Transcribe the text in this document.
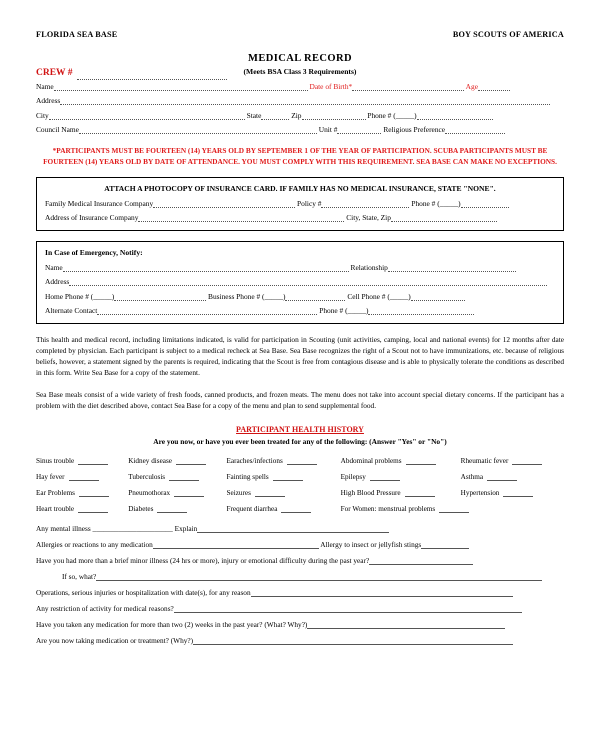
FLORIDA SEA BASE	BOY SCOUTS OF AMERICA
MEDICAL RECORD
(Meets BSA Class 3 Requirements)
CREW #
Name	Date of Birth*	Age
Address
City	State	Zip	Phone # (_____)
Council Name	Unit #	Religious Preference
*PARTICIPANTS MUST BE FOURTEEN (14) YEARS OLD BY SEPTEMBER 1 OF THE YEAR OF PARTICIPATION. SCUBA PARTICIPANTS MUST BE FOURTEEN (14) YEARS OLD BY DATE OF ATTENDANCE. YOU MUST COMPLY WITH THIS REQUIREMENT. SEA BASE CAN MAKE NO EXCEPTIONS.
ATTACH A PHOTOCOPY OF INSURANCE CARD. IF FAMILY HAS NO MEDICAL INSURANCE, STATE "NONE".
Family Medical Insurance Company	Policy #	Phone # (_____)
Address of Insurance Company	City, State, Zip
In Case of Emergency, Notify:
Name	Relationship
Address
Home Phone # (_____)	Business Phone # (_____)	Cell Phone # (_____)
Alternate Contact	Phone # (_____)
This health and medical record, including limitations indicated, is valid for participation in Scouting (unit activities, camping, local and national events) for 12 months after date completed by physician. Each participant is subject to a medical recheck at Sea Base. Sea Base recognizes the right of a Scout not to have immunizations, etc. because of religious beliefs, however, a statement signed by the parents is required, indicating that the Scout is free from contagious disease and is able to physically tolerate the conditions as described in this form. Write Sea Base for a copy of the statement.
Sea Base meals consist of a wide variety of fresh foods, canned products, and frozen meats. The menu does not take into account special dietary concerns. If the participant has a problem with the diet described above, contact Sea Base for a copy of the menu and plan to send supplemental food.
PARTICIPANT HEALTH HISTORY
Are you now, or have you ever been treated for any of the following: (Answer "Yes" or "No")
Sinus trouble	Kidney disease	Earaches/infections	Abdominal problems	Rheumatic fever
Hay fever	Tuberculosis	Fainting spells	Epilepsy	Asthma
Ear Problems	Pneumothorax	Seizures	High Blood Pressure	Hypertension
Heart trouble	Diabetes	Frequent diarrhea	For Women: menstrual problems	
Any mental illness ______________________ Explain
Allergies or reactions to any medication	Allergy to insect or jellyfish stings
Have you had more than a brief minor illness (24 hrs or more), injury or emotional difficulty during the past year?
If so, what?
Operations, serious injuries or hospitalization with date(s), for any reason
Any restriction of activity for medical reasons?
Have you taken any medication for more than two (2) weeks in the past year? (What? Why?)
Are you now taking medication or treatment? (Why?)
